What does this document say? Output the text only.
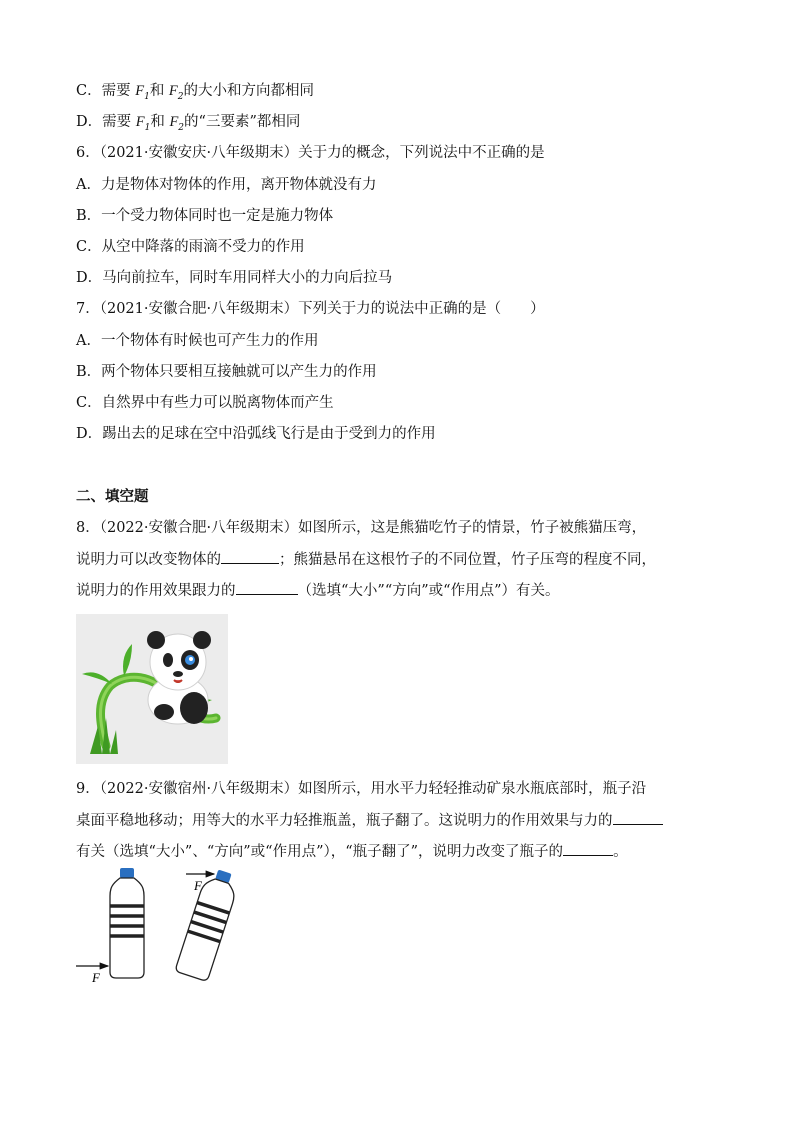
C．需要 $F_1$和 $F_2$的大小和方向都相同
D．需要 $F_1$和 $F_2$的“三要素”都相同
6．（2021·安徽安庆·八年级期末）关于力的概念，下列说法中不正确的是
A．力是物体对物体的作用，离开物体就没有力
B．一个受力物体同时也一定是施力物体
C．从空中降落的雨滴不受力的作用
D．马向前拉车，同时车用同样大小的力向后拉马
7．（2021·安徽合肥·八年级期末）下列关于力的说法中正确的是（　　）
A．一个物体有时候也可产生力的作用
B．两个物体只要相互接触就可以产生力的作用
C．自然界中有些力可以脱离物体而产生
D．踢出去的足球在空中沿弧线飞行是由于受到力的作用
二、填空题
8．（2022·安徽合肥·八年级期末）如图所示，这是熊猫吃竹子的情景，竹子被熊猫压弯，
说明力可以改变物体的	；熊猫悬吊在这根竹子的不同位置，竹子压弯的程度不同，
说明力的作用效果跟力的	（选填“大小”“方向”或“作用点”）有关。
9．（2022·安徽宿州·八年级期末）如图所示，用水平力轻轻推动矿泉水瓶底部时，瓶子沿
桌面平稳地移动；用等大的水平力轻推瓶盖，瓶子翻了。这说明力的作用效果与力的
有关（选填“大小”、“方向”或“作用点”），“瓶子翻了”，说明力改变了瓶子的	。
F
F
